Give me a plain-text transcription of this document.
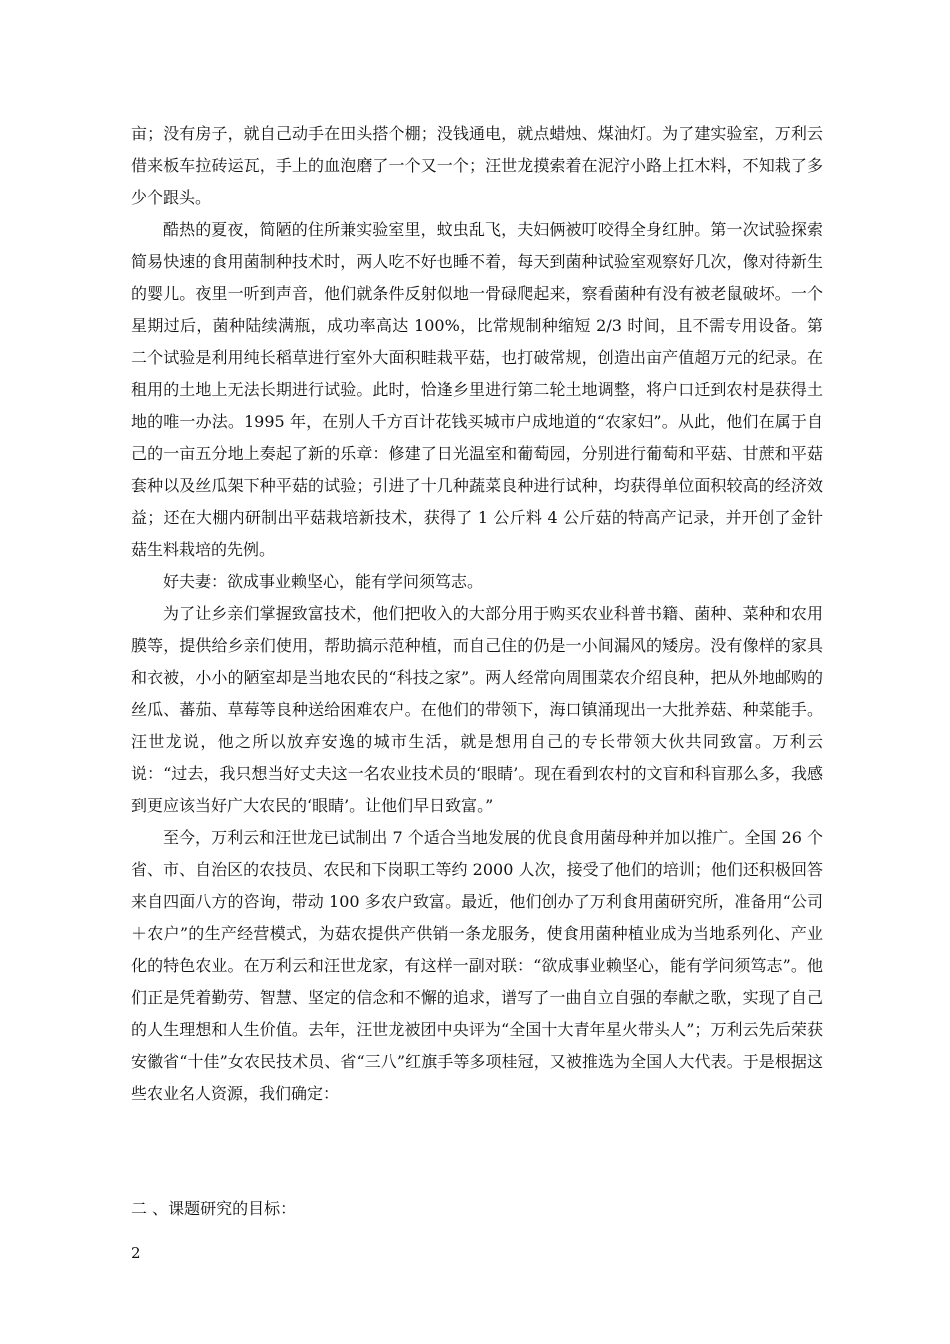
亩；没有房子，就自己动手在田头搭个棚；没钱通电，就点蜡烛、煤油灯。为了建实验室，万利云借来板车拉砖运瓦，手上的血泡磨了一个又一个；汪世龙摸索着在泥泞小路上扛木料，不知栽了多少个跟头。

酷热的夏夜，简陋的住所兼实验室里，蚊虫乱飞，夫妇俩被叮咬得全身红肿。第一次试验探索简易快速的食用菌制种技术时，两人吃不好也睡不着，每天到菌种试验室观察好几次，像对待新生的婴儿。夜里一听到声音，他们就条件反射似地一骨碌爬起来，察看菌种有没有被老鼠破坏。一个星期过后，菌种陆续满瓶，成功率高达 100%，比常规制种缩短 2/3 时间，且不需专用设备。第二个试验是利用纯长稻草进行室外大面积畦栽平菇，也打破常规，创造出亩产值超万元的纪录。在租用的土地上无法长期进行试验。此时，恰逢乡里进行第二轮土地调整，将户口迁到农村是获得土地的唯一办法。1995 年，在别人千方百计花钱买城市户成地道的“农家妇”。从此，他们在属于自己的一亩五分地上奏起了新的乐章：修建了日光温室和葡萄园，分别进行葡萄和平菇、甘蔗和平菇套种以及丝瓜架下种平菇的试验；引进了十几种蔬菜良种进行试种，均获得单位面积较高的经济效益；还在大棚内研制出平菇栽培新技术，获得了 1 公斤料 4 公斤菇的特高产记录，并开创了金针菇生料栽培的先例。

好夫妻：欲成事业赖坚心，能有学问须笃志。

为了让乡亲们掌握致富技术，他们把收入的大部分用于购买农业科普书籍、菌种、菜种和农用膜等，提供给乡亲们使用，帮助搞示范种植，而自己住的仍是一小间漏风的矮房。没有像样的家具和衣被，小小的陋室却是当地农民的“科技之家”。两人经常向周围菜农介绍良种，把从外地邮购的丝瓜、蕃茄、草莓等良种送给困难农户。在他们的带领下，海口镇涌现出一大批养菇、种菜能手。汪世龙说，他之所以放弃安逸的城市生活，就是想用自己的专长带领大伙共同致富。万利云说：“过去，我只想当好丈夫这一名农业技术员的‘眼睛’。现在看到农村的文盲和科盲那么多，我感到更应该当好广大农民的‘眼睛’。让他们早日致富。”

至今，万利云和汪世龙已试制出 7 个适合当地发展的优良食用菌母种并加以推广。全国 26 个省、市、自治区的农技员、农民和下岗职工等约 2000 人次，接受了他们的培训；他们还积极回答来自四面八方的咨询，带动 100 多农户致富。最近，他们创办了万利食用菌研究所，准备用“公司＋农户”的生产经营模式，为菇农提供产供销一条龙服务，使食用菌种植业成为当地系列化、产业化的特色农业。在万利云和汪世龙家，有这样一副对联：“欲成事业赖坚心，能有学问须笃志”。他们正是凭着勤劳、智慧、坚定的信念和不懈的追求，谱写了一曲自立自强的奉献之歌，实现了自己的人生理想和人生价值。去年，汪世龙被团中央评为“全国十大青年星火带头人”；万利云先后荣获安徽省“十佳”女农民技术员、省“三八”红旗手等多项桂冠，又被推选为全国人大代表。于是根据这些农业名人资源，我们确定：

二 、课题研究的目标：

2
